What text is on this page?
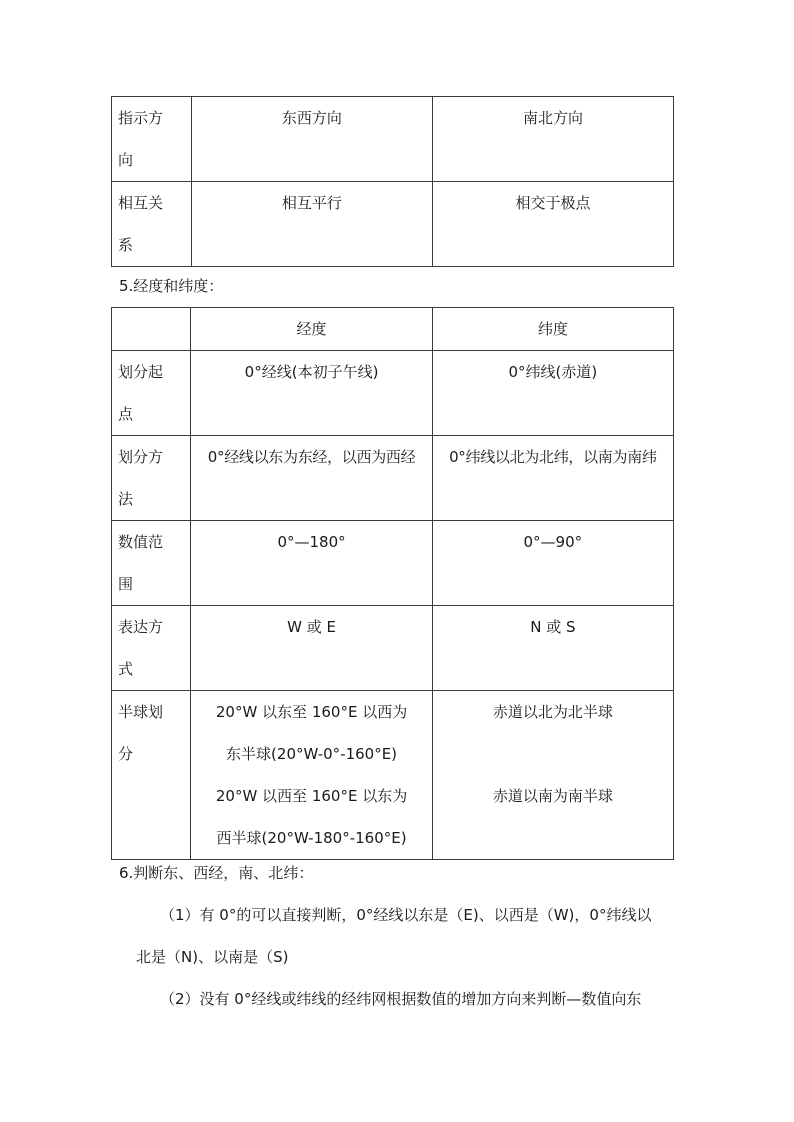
指示方
向	东西方向	南北方向

相互关
系	相互平行	相交于极点

5.经度和纬度：

	经度	纬度

划分起
点	0°经线(本初子午线)	0°纬线(赤道)

划分方
法	0°经线以东为东经，以西为西经	0°纬线以北为北纬，以南为南纬

数值范
围	0°—180°	0°—90°

表达方
式	W 或 E	N 或 S

半球划
分	20°W 以东至 160°E 以西为
东半球(20°W-0°-160°E)
20°W 以西至 160°E 以东为
西半球(20°W-180°-160°E)	赤道以北为北半球
赤道以南为南半球

6.判断东、西经，南、北纬：

（1）有 0°的可以直接判断，0°经线以东是（E)、以西是（W)，0°纬线以

北是（N)、以南是（S)

（2）没有 0°经线或纬线的经纬网根据数值的增加方向来判断—数值向东
